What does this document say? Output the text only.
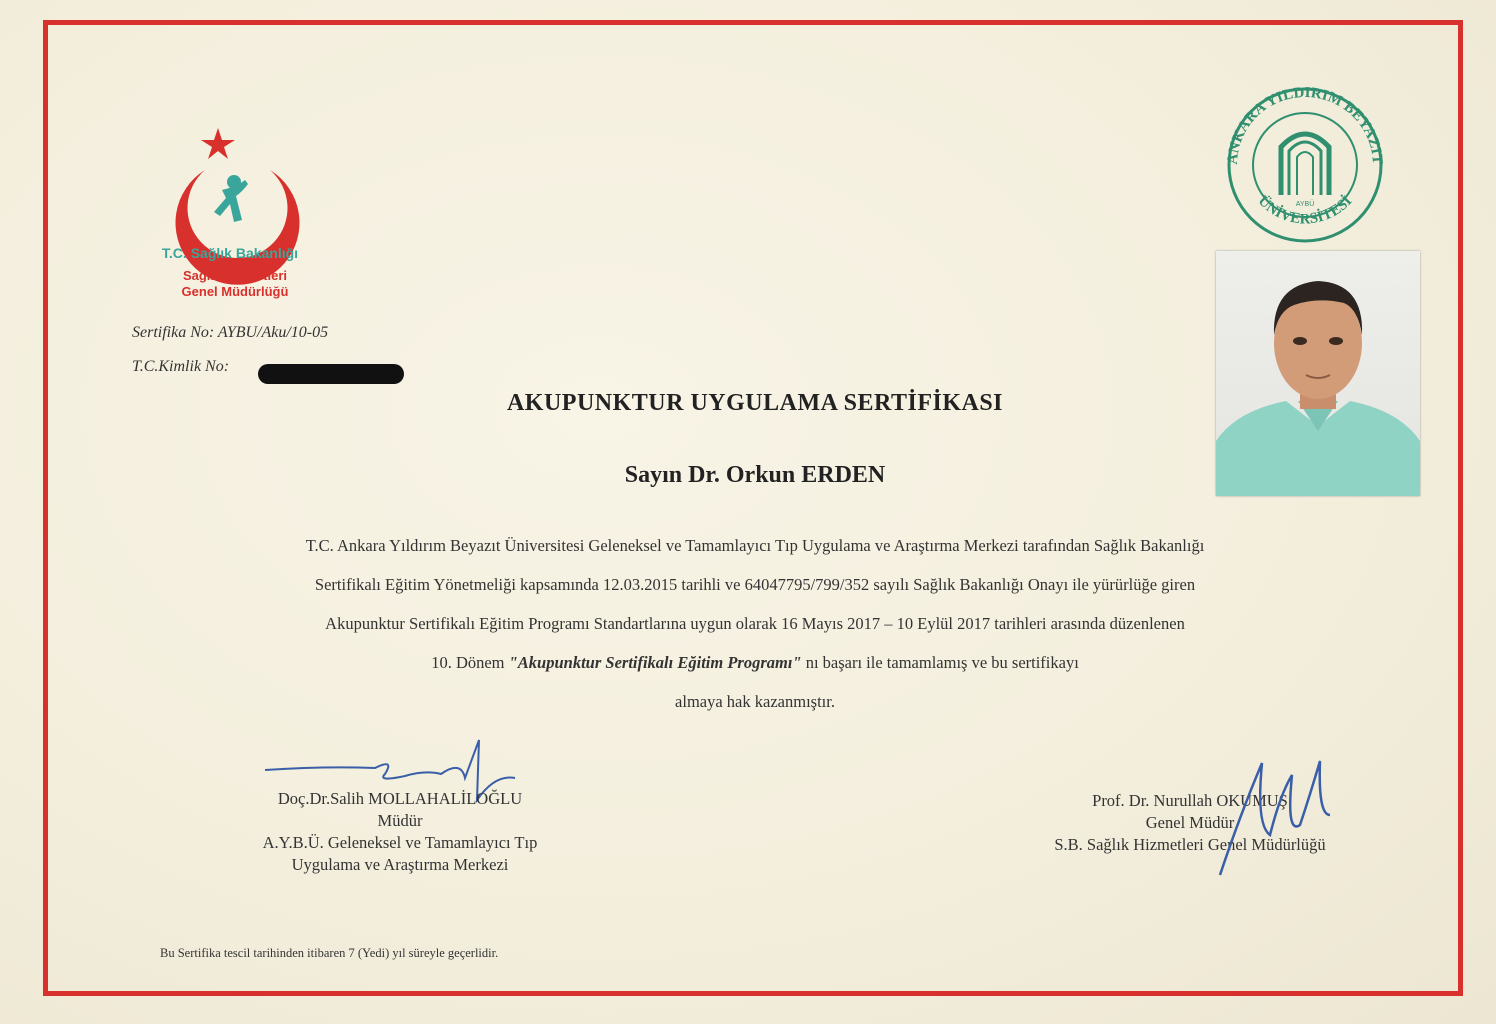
T.C. Sağlık Bakanlığı
Sağlık Hizmetleri
Genel Müdürlüğü
ANKARA YILDIRIM BEYAZIT
ÜNİVERSİTESİ
AYBÜ
Sertifika No: AYBU/Aku/10-05
T.C.Kimlik No:
AKUPUNKTUR UYGULAMA SERTİFİKASI
Sayın Dr. Orkun ERDEN
T.C. Ankara Yıldırım Beyazıt Üniversitesi Geleneksel ve Tamamlayıcı Tıp Uygulama ve Araştırma Merkezi tarafından Sağlık Bakanlığı
Sertifikalı Eğitim Yönetmeliği kapsamında 12.03.2015 tarihli ve 64047795/799/352 sayılı Sağlık Bakanlığı Onayı ile yürürlüğe giren
Akupunktur Sertifikalı Eğitim Programı Standartlarına uygun olarak 16 Mayıs 2017 – 10 Eylül 2017 tarihleri arasında düzenlenen
10. Dönem "Akupunktur Sertifikalı Eğitim Programı" nı başarı ile tamamlamış ve bu sertifikayı
almaya hak kazanmıştır.
Doç.Dr.Salih MOLLAHALİLOĞLU
Müdür
A.Y.B.Ü. Geleneksel ve Tamamlayıcı Tıp
Uygulama ve Araştırma Merkezi
Prof. Dr. Nurullah OKUMUŞ
Genel Müdür
S.B. Sağlık Hizmetleri Genel Müdürlüğü
Bu Sertifika tescil tarihinden itibaren 7 (Yedi) yıl süreyle geçerlidir.
